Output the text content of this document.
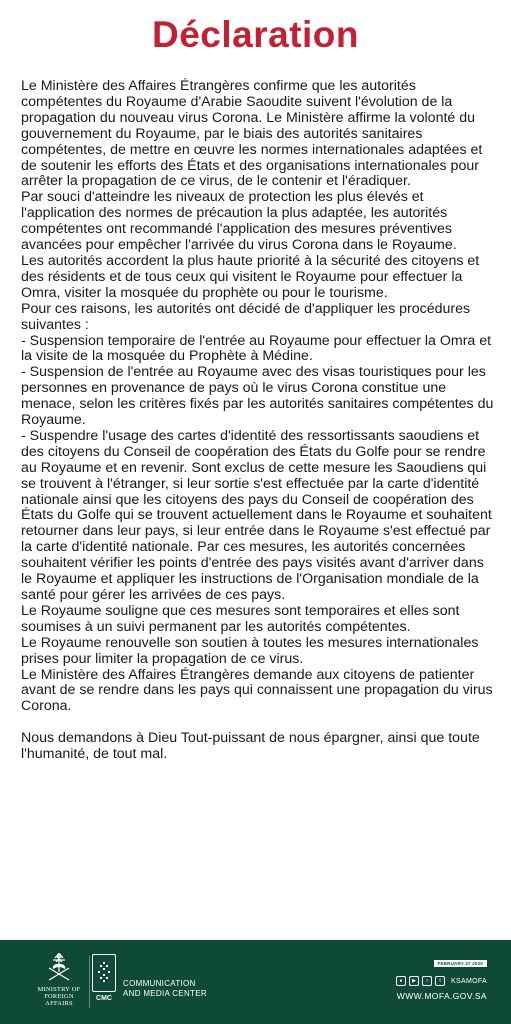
Déclaration

Le Ministère des Affaires Étrangères confirme que les autorités compétentes du Royaume d'Arabie Saoudite suivent l'évolution de la propagation du nouveau virus Corona. Le Ministère affirme la volonté du gouvernement du Royaume, par le biais des autorités sanitaires compétentes, de mettre en œuvre les normes internationales adaptées et de soutenir les efforts des États et des organisations internationales pour arrêter la propagation de ce virus, de le contenir et l'éradiquer.

Par souci d'atteindre les niveaux de protection les plus élevés et l'application des normes de précaution la plus adaptée, les autorités

compétentes ont recommandé l'application des mesures préventives avancées pour empêcher l'arrivée du virus Corona dans le Royaume.

Les autorités accordent la plus haute priorité à la sécurité des citoyens et des résidents et de tous ceux qui visitent le Royaume pour effectuer la Omra, visiter la mosquée du prophète ou pour le tourisme.

Pour ces raisons, les autorités ont décidé de d'appliquer les procédures suivantes :

- Suspension temporaire de l'entrée au Royaume pour effectuer la Omra et la visite de la mosquée du Prophète à Médine.

- Suspension de l'entrée au Royaume avec des visas touristiques pour les personnes en provenance de pays où le virus Corona constitue une menace, selon les critères fixés par les autorités sanitaires compétentes du Royaume.

- Suspendre l'usage des cartes d'identité des ressortissants saoudiens et des citoyens du Conseil de coopération des États du Golfe pour se rendre au Royaume et en revenir. Sont exclus de cette mesure les Saoudiens qui se trouvent à l'étranger, si leur sortie s'est effectuée par la carte d'identité nationale ainsi que les citoyens des pays du Conseil de coopération des États du Golfe qui se trouvent actuellement dans le Royaume et souhaitent retourner dans leur pays, si leur entrée dans le Royaume s'est effectué par la carte d'identité nationale. Par ces mesures, les autorités concernées souhaitent vérifier les points d'entrée des pays visités avant d'arriver dans le Royaume et appliquer les instructions de l'Organisation mondiale de la santé pour gérer les arrivées de ces pays.

Le Royaume souligne que ces mesures sont temporaires et elles sont soumises à un suivi permanent par les autorités compétentes.

Le Royaume renouvelle son soutien à toutes les mesures internationales prises pour limiter la propagation de ce virus.

Le Ministère des Affaires Étrangères demande aux citoyens de patienter avant de se rendre dans les pays qui connaissent une propagation du virus Corona.

Nous demandons à Dieu Tout-puissant de nous épargner, ainsi que toute

l'humanité, de tout mal.

MINISTRY OF
FOREIGN AFFAIRS
CMC
COMMUNICATION
AND MEDIA CENTER
FEBRUARY 27 2020
●	▶	○	t	KSAMOFA
WWW.MOFA.GOV.SA
